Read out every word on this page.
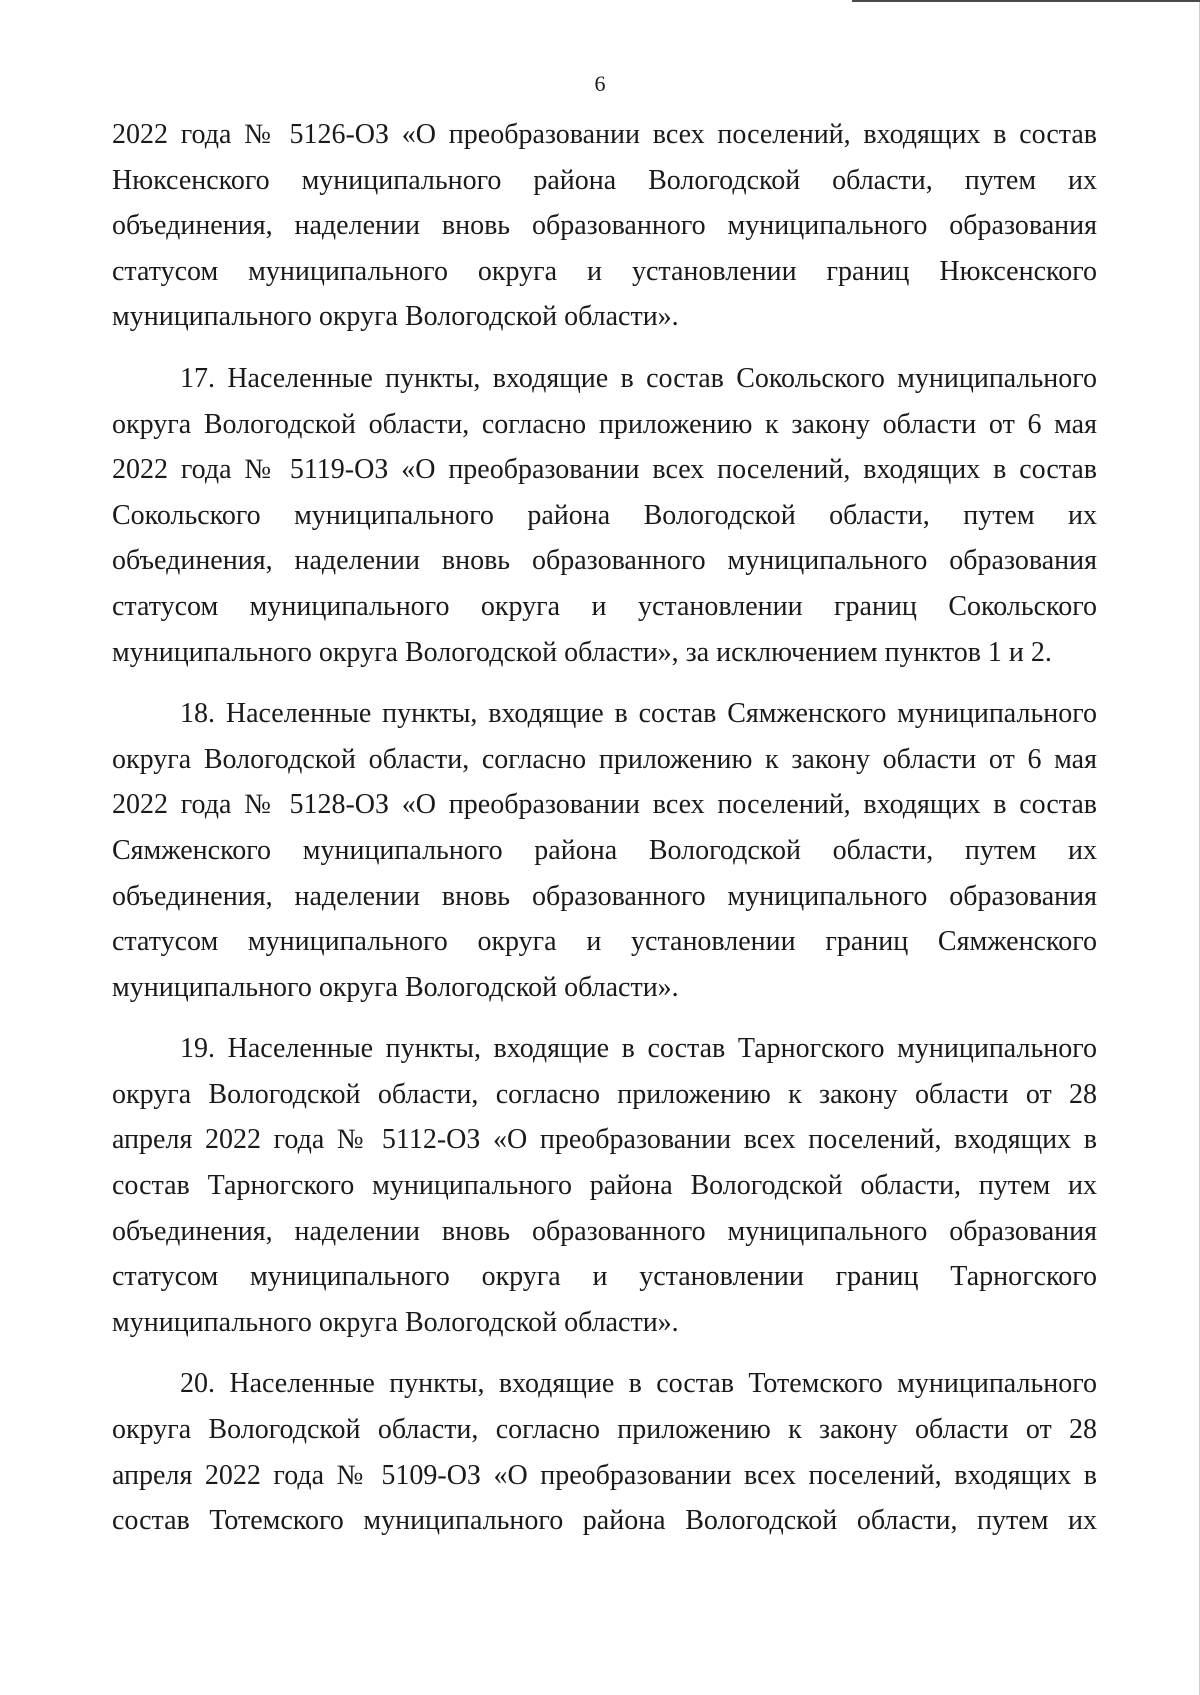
6
2022 года № 5126-ОЗ «О преобразовании всех поселений, входящих в состав
Нюксенского муниципального района Вологодской области, путем их
объединения, наделении вновь образованного муниципального образования
статусом муниципального округа и установлении границ Нюксенского
муниципального округа Вологодской области».
17. Населенные пункты, входящие в состав Сокольского муниципального
округа Вологодской области, согласно приложению к закону области от 6 мая
2022 года № 5119-ОЗ «О преобразовании всех поселений, входящих в состав
Сокольского муниципального района Вологодской области, путем их
объединения, наделении вновь образованного муниципального образования
статусом муниципального округа и установлении границ Сокольского
муниципального округа Вологодской области», за исключением пунктов 1 и 2.
18. Населенные пункты, входящие в состав Сямженского муниципального
округа Вологодской области, согласно приложению к закону области от 6 мая
2022 года № 5128-ОЗ «О преобразовании всех поселений, входящих в состав
Сямженского муниципального района Вологодской области, путем их
объединения, наделении вновь образованного муниципального образования
статусом муниципального округа и установлении границ Сямженского
муниципального округа Вологодской области».
19. Населенные пункты, входящие в состав Тарногского муниципального
округа Вологодской области, согласно приложению к закону области от 28
апреля 2022 года № 5112-ОЗ «О преобразовании всех поселений, входящих в
состав Тарногского муниципального района Вологодской области, путем их
объединения, наделении вновь образованного муниципального образования
статусом муниципального округа и установлении границ Тарногского
муниципального округа Вологодской области».
20. Населенные пункты, входящие в состав Тотемского муниципального
округа Вологодской области, согласно приложению к закону области от 28
апреля 2022 года № 5109-ОЗ «О преобразовании всех поселений, входящих в
состав Тотемского муниципального района Вологодской области, путем их
